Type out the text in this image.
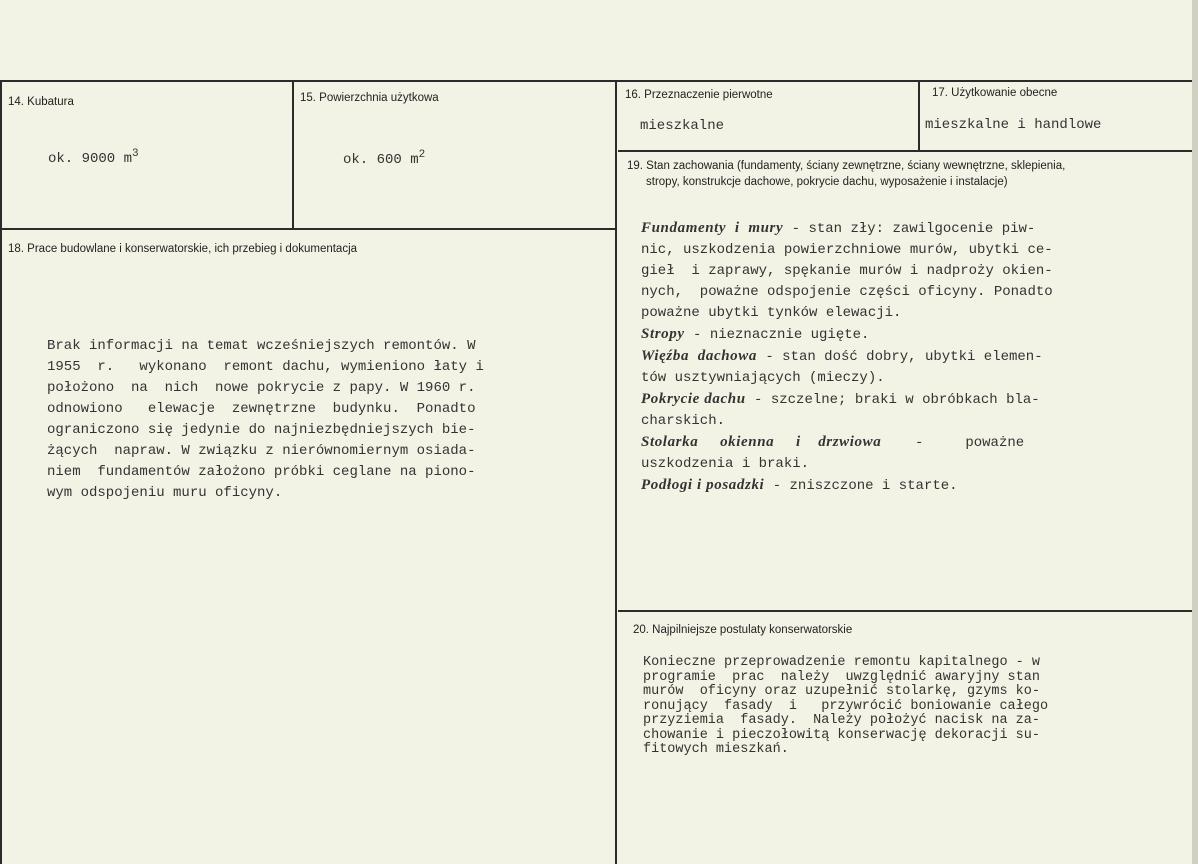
14. Kubatura
ok. 9000 $m^3$
15. Powierzchnia użytkowa
ok. 600 $m^2$
16. Przeznaczenie pierwotne
mieszkalne
17. Użytkowanie obecne
mieszkalne i handlowe
18. Prace budowlane i konserwatorskie, ich przebieg i dokumentacja
Brak informacji na temat wcześniejszych remontów. W
1955  r.   wykonano  remont dachu, wymieniono łaty i
położono  na  nich  nowe pokrycie z papy. W 1960 r.
odnowiono   elewacje  zewnętrzne  budynku.  Ponadto
ograniczono się jedynie do najniezbędniejszych bie-
żących  napraw. W związku z nierównomiernym osiada-
niem  fundamentów założono próbki ceglane na piono-
wym odspojeniu muru oficyny.
19. Stan zachowania (fundamenty, ściany zewnętrzne, ściany wewnętrzne, sklepienia,
stropy, konstrukcje dachowe, pokrycie dachu, wyposażenie i instalacje)
Fundamenty  i  mury - stan zły: zawilgocenie piw-
nic, uszkodzenia powierzchniowe murów, ubytki ce-
gieł  i zaprawy, spękanie murów i nadproży okien-
nych,  poważne odspojenie części oficyny. Ponadto
poważne ubytki tynków elewacji.
Stropy - nieznacznie ugięte.
Więźba  dachowa - stan dość dobry, ubytki elemen-
tów usztywniających (mieczy).
Pokrycie dachu - szczelne; braki w obróbkach bla-
charskich.
Stolarka     okienna     i    drzwiowa    -     poważne
uszkodzenia i braki.
Podłogi i posadzki - zniszczone i starte.
20. Najpilniejsze postulaty konserwatorskie
Konieczne przeprowadzenie remontu kapitalnego - w
programie  prac  należy  uwzględnić awaryjny stan
murów  oficyny oraz uzupełnić stolarkę, gzyms ko-
ronujący  fasady  i   przywrócić boniowanie całego
przyziemia  fasady.  Należy położyć nacisk na za-
chowanie i pieczołowitą konserwację dekoracji su-
fitowych mieszkań.
